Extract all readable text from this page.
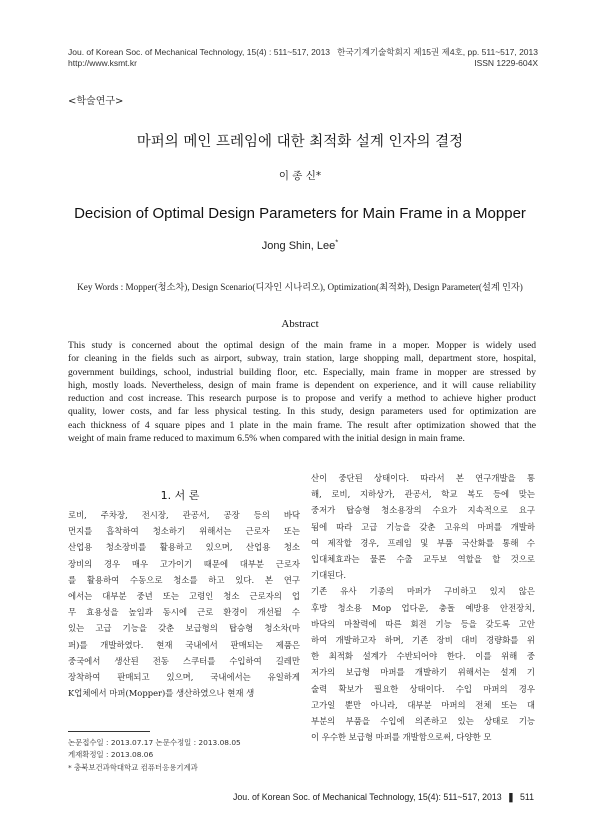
Jou. of Korean Soc. of Mechanical Technology, 15(4) : 511~517, 2013
http://www.ksmt.kr
한국기계기술학회지 제15권 제4호, pp. 511~517, 2013
ISSN 1229-604X
<학술연구>
마퍼의 메인 프레임에 대한 최적화 설계 인자의 결정
이 종 신*
Decision of Optimal Design Parameters for Main Frame in a Mopper
Jong Shin, Lee*
Key Words : Mopper(청소차), Design Scenario(디자인 시나리오), Optimization(최적화), Design Parameter(설계 인자)
Abstract
This study is concerned about the optimal design of the main frame in a moper. Mopper is widely used
for cleaning in the fields such as airport, subway, train station, large shopping mall, department store, hospital,
government buildings, school, industrial building floor, etc. Especially, main frame in mopper are stressed by
high, mostly loads. Nevertheless, design of main frame is dependent on experience, and it will cause reliability
reduction and cost increase. This research purpose is to propose and verify a method to achieve higher product
quality, lower costs, and far less physical testing. In this study, design parameters used for optimization are
each thickness of 4 square pipes and 1 plate in the main frame. The result after optimization showed that the
weight of main frame reduced to maximum 6.5% when compared with the initial design in main frame.
1. 서 론
로비, 주차장, 전시장, 관공서, 공장 등의 바닥
먼지를 흡착하여 청소하기 위해서는 근로자 또는
산업용 청소장비를 활용하고 있으며, 산업용 청소
장비의 경우 매우 고가이기 때문에 대부분 근로자
를 활용하여 수동으로 청소를 하고 있다. 본 연구
에서는 대부분 중년 또는 고령인 청소 근로자의 업
무 효용성을 높임과 동시에 근로 환경이 개선될 수
있는 고급 기능을 갖춘 보급형의 탑승형 청소차(마
퍼)를 개발하였다. 현재 국내에서 판매되는 제품은
중국에서 생산된 전동 스쿠터를 수입하여 길레만
장착하여 판매되고 있으며, 국내에서는 유일하게
K업체에서 마퍼(Mopper)를 생산하였으나 현재 생
산이 중단된 상태이다. 따라서 본 연구개발을 통
해, 로비, 지하상가, 관공서, 학교 복도 등에 맞는
중저가 탑승형 청소용장의 수요가 지속적으로 요구
됨에 따라 고급 기능을 갖춘 고유의 마퍼를 개발하
여 제작할 경우, 프레임 및 부품 국산화를 통해 수
입대체효과는 물론 수출 교두보 역할을 할 것으로
기대된다.
기존 유사 기종의 마퍼가 구비하고 있지 않은
후방 청소용 Mop 업다운, 충돌 예방용 안전장치,
바닥의 마찰력에 따른 회전 기능 등을 갖도록 고안
하여 개발하고자 하며, 기존 장비 대비 경량화를 위
한 최적화 설계가 수반되어야 한다. 이를 위해 중
저가의 보급형 마퍼를 개발하기 위해서는 설계 기
술력 확보가 필요한 상태이다. 수입 마퍼의 경우
고가일 뿐만 아니라, 대부분 마퍼의 전체 또는 대
부분의 부품을 수입에 의존하고 있는 상태로 기능
이 우수한 보급형 마퍼를 개발함으로써, 다양한 모
논문접수일 : 2013.07.17 논문수정일 : 2013.08.05
게재확정일 : 2013.08.06
* 충북보건과학대학교 컴퓨터응용기계과
Jou. of Korean Soc. of Mechanical Technology, 15(4): 511~517, 2013 ❚ 511
